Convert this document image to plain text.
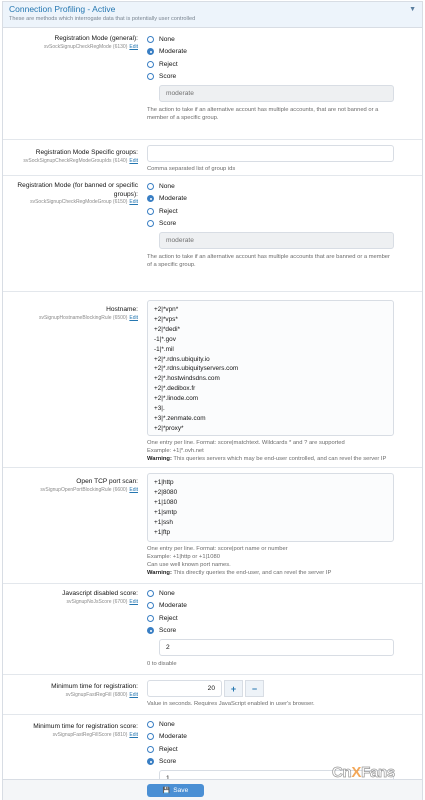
Connection Profiling - Active
These are methods which interrogate data that is potentially user controlled
▼
Registration Mode (general):
svSockSignupCheckRegMode (6130) Edit
None
Moderate
Reject
Score
moderate
The action to take if an alternative account has multiple accounts, that are not banned or a member of a specific group.
Registration Mode Specific groups:
svSockSignupCheckRegModeGroupIds (6140) Edit
Comma separated list of group ids
Registration Mode (for banned or specific groups):
svSockSignupCheckRegModeGroup (6150) Edit
None
Moderate
Reject
Score
moderate
The action to take if an alternative account has multiple accounts that are banned or a member of a specific group.
Hostname:
svSignupHostnameBlockingRule (6500) Edit
+2|*vpn*
+2|*vps*
+2|*dedi*
-1|*.gov
-1|*.mil
+2|*.rdns.ubiquity.io
+2|*.rdns.ubiquityservers.com
+2|*.hostwindsdns.com
+2|*.dedibox.fr
+2|*.linode.com
+3|.
+3|*.zenmate.com
+2|*proxy*
One entry per line. Format: score|matchtext. Wildcards * and ? are supported
Example: +1|*.ovh.net
Warning: This queries servers which may be end-user controlled, and can revel the server IP
Open TCP port scan:
svSignupOpenPortBlockingRule (6600) Edit
+1|http
+2|8080
+1|1080
+1|smtp
+1|ssh
+1|ftp
One entry per line. Format: score|port name or number
Example: +1|http or +1|1080
Can use well known port names.
Warning: This directly queries the end-user, and can revel the server IP
Javascript disabled score:
svSignupNoJsScore (6700) Edit
None
Moderate
Reject
Score
2
0 to disable
Minimum time for registration:
svSignupFastRegFill (6800) Edit
20	+	−
Value in seconds. Requires JavaScript enabled in user's browser.
Minimum time for registration score:
svSignupFastRegFillScore (6810) Edit
None
Moderate
Reject
Score
💾 Save
CnXFans
